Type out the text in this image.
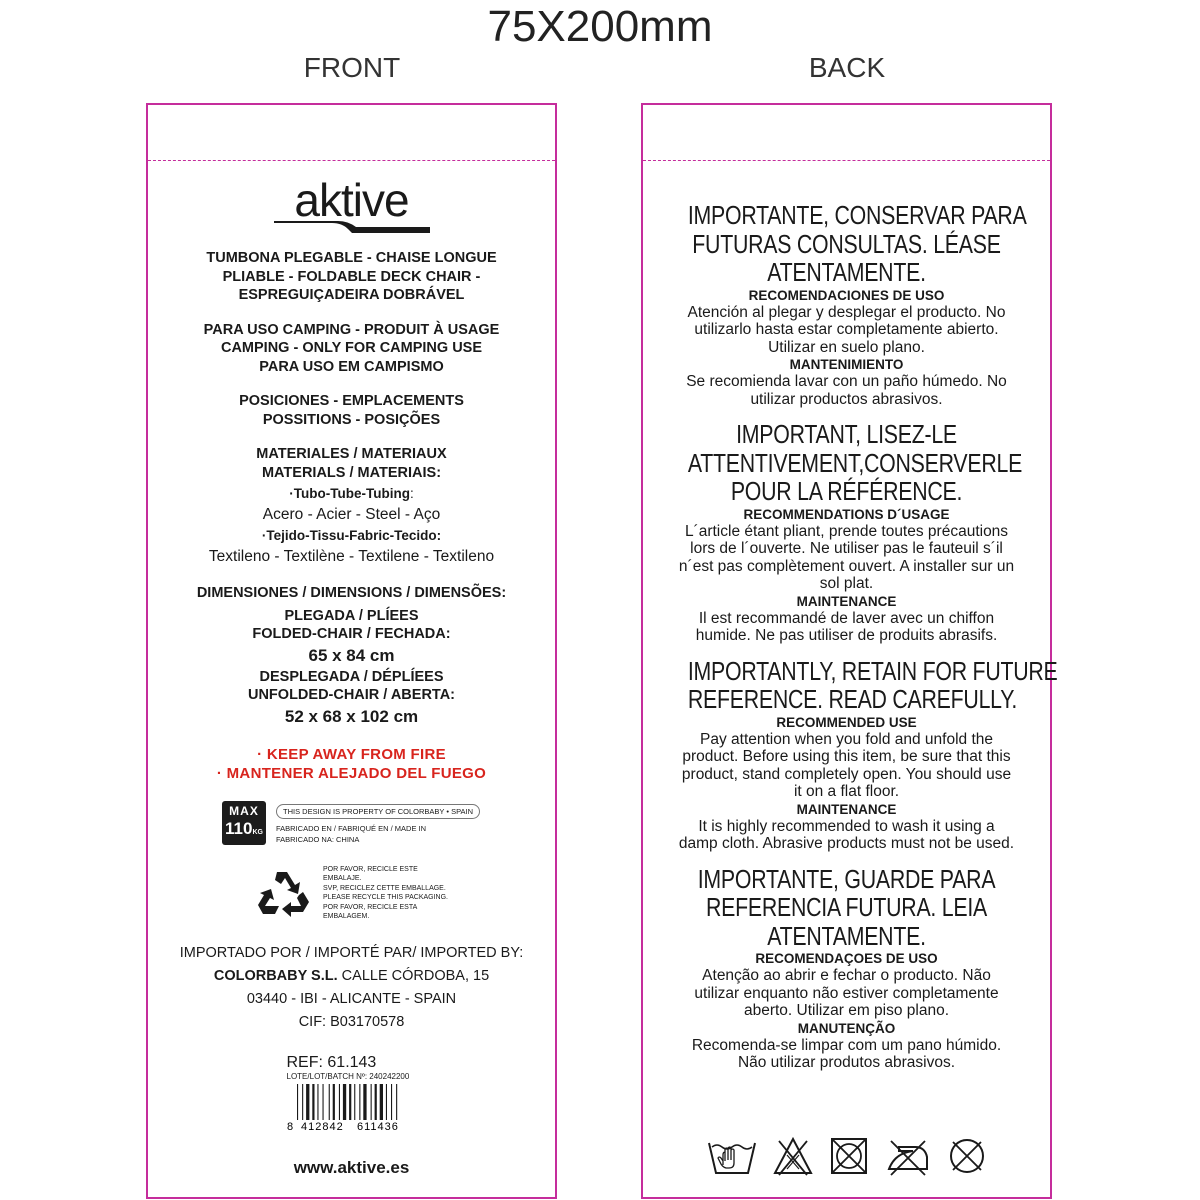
75X200mm
FRONT	BACK
aktive
TUMBONA PLEGABLE - CHAISE LONGUE
PLIABLE - FOLDABLE DECK CHAIR -
ESPREGUIÇADEIRA DOBRÁVEL
PARA USO CAMPING - PRODUIT À USAGE
CAMPING - ONLY FOR CAMPING USE
PARA USO EM CAMPISMO
POSICIONES - EMPLACEMENTS
POSSITIONS - POSIÇÕES
MATERIALES / MATERIAUX
MATERIALS / MATERIAIS:
·Tubo-Tube-Tubing:
Acero - Acier - Steel - Aço
·Tejido-Tissu-Fabric-Tecido:
Textileno - Textilène - Textilene - Textileno
DIMENSIONES / DIMENSIONS / DIMENSÕES:
PLEGADA / PLÍEES
FOLDED-CHAIR / FECHADA:
65 x 84 cm
DESPLEGADA / DÉPLÍEES
UNFOLDED-CHAIR / ABERTA:
52 x 68 x 102 cm
· KEEP AWAY FROM FIRE
· MANTENER ALEJADO DEL FUEGO
MAX
110KG
THIS DESIGN IS PROPERTY OF COLORBABY • SPAIN
FABRICADO EN / FABRIQUÉ EN / MADE IN
FABRICADO NA: CHINA
POR FAVOR, RECICLE ESTE EMBALAJE.
SVP, RECICLEZ CETTE EMBALLAGE.
PLEASE RECYCLE THIS PACKAGING.
POR FAVOR, RECICLE ESTA EMBALAGEM.
IMPORTADO POR / IMPORTÉ PAR/ IMPORTED BY:
COLORBABY S.L. CALLE CÓRDOBA, 15
03440 - IBI - ALICANTE - SPAIN
CIF: B03170578
REF: 61.143
LOTE/LOT/BATCH Nº: 240242200
8 412842 611436
www.aktive.es
IMPORTANTE, CONSERVAR PARA
FUTURAS CONSULTAS. LÉASE
ATENTAMENTE.
RECOMENDACIONES DE USO
Atención al plegar y desplegar el producto. No
utilizarlo hasta estar completamente abierto.
Utilizar en suelo plano.
MANTENIMIENTO
Se recomienda lavar con un paño húmedo. No
utilizar productos abrasivos.
IMPORTANT, LISEZ-LE
ATTENTIVEMENT,CONSERVERLE
POUR LA RÉFÉRENCE.
RECOMMENDATIONS D´USAGE
L´article étant pliant, prende toutes précautions
lors de l´ouverte. Ne utiliser pas le fauteuil s´il
n´est pas complètement ouvert. A installer sur un
sol plat.
MAINTENANCE
Il est recommandé de laver avec un chiffon
humide. Ne pas utiliser de produits abrasifs.
IMPORTANTLY, RETAIN FOR FUTURE
REFERENCE. READ CAREFULLY.
RECOMMENDED USE
Pay attention when you fold and unfold the
product. Before using this item, be sure that this
product, stand completely open. You should use
it on a flat floor.
MAINTENANCE
It is highly recommended to wash it using a
damp cloth. Abrasive products must not be used.
IMPORTANTE, GUARDE PARA
REFERENCIA FUTURA. LEIA
ATENTAMENTE.
RECOMENDAÇOES DE USO
Atenção ao abrir e fechar o producto. Não
utilizar enquanto não estiver completamente
aberto. Utilizar em piso plano.
MANUTENÇÃO
Recomenda-se limpar com um pano húmido.
Não utilizar produtos abrasivos.
